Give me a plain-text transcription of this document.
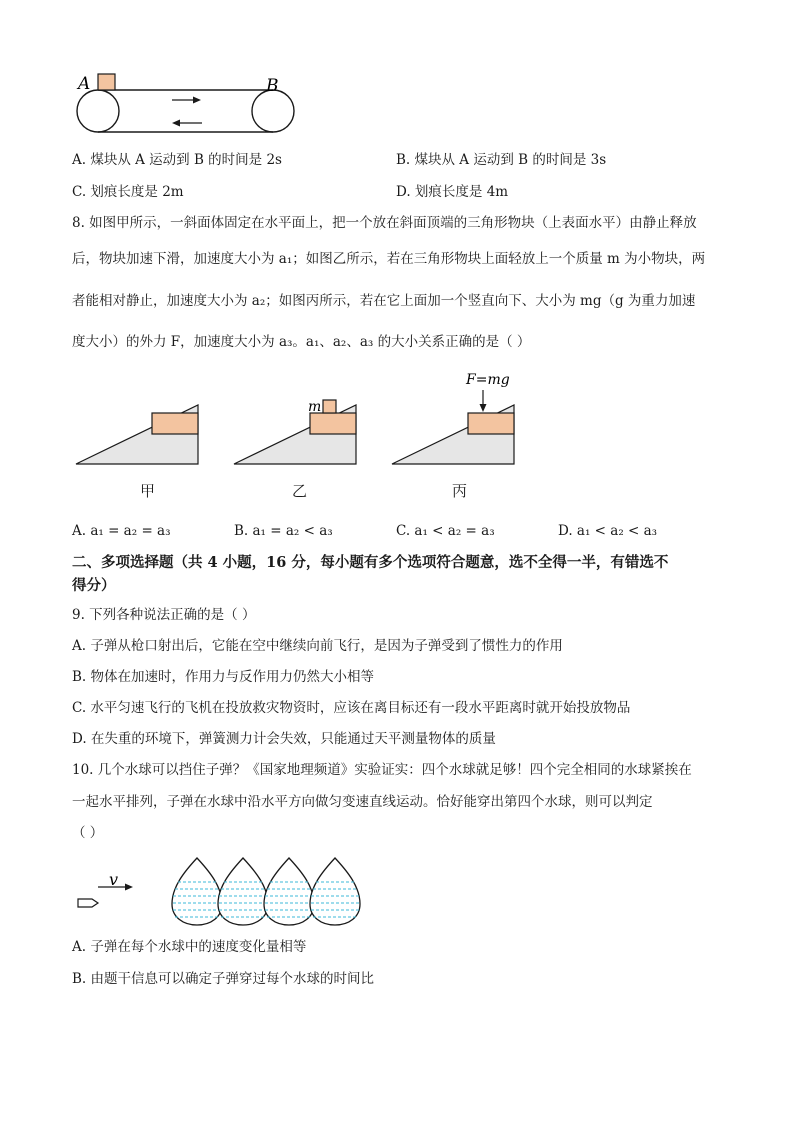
A	B
A. 煤块从 A 运动到 B 的时间是 2s	B. 煤块从 A 运动到 B 的时间是 3s
C. 划痕长度是 2m	D. 划痕长度是 4m
8. 如图甲所示，一斜面体固定在水平面上，把一个放在斜面顶端的三角形物块（上表面水平）由静止释放
后，物块加速下滑，加速度大小为 a₁；如图乙所示，若在三角形物块上面轻放上一个质量 m 为小物块，两
者能相对静止，加速度大小为 a₂；如图丙所示，若在它上面加一个竖直向下、大小为 mg（g 为重力加速
度大小）的外力 F，加速度大小为 a₃。a₁、a₂、a₃ 的大小关系正确的是（ ）
甲
m
乙
F=mg
丙
A. a₁ = a₂ = a₃	B. a₁ = a₂ < a₃	C. a₁ < a₂ = a₃	D. a₁ < a₂ < a₃
二、多项选择题（共 4 小题，16 分，每小题有多个选项符合题意，选不全得一半，有错选不
得分）
9. 下列各种说法正确的是（ ）
A. 子弹从枪口射出后，它能在空中继续向前飞行，是因为子弹受到了惯性力的作用
B. 物体在加速时，作用力与反作用力仍然大小相等
C. 水平匀速飞行的飞机在投放救灾物资时，应该在离目标还有一段水平距离时就开始投放物品
D. 在失重的环境下，弹簧测力计会失效，只能通过天平测量物体的质量
10. 几个水球可以挡住子弹？《国家地理频道》实验证实：四个水球就足够！四个完全相同的水球紧挨在
一起水平排列，子弹在水球中沿水平方向做匀变速直线运动。恰好能穿出第四个水球，则可以判定
（ ）
v
A. 子弹在每个水球中的速度变化量相等
B. 由题干信息可以确定子弹穿过每个水球的时间比
